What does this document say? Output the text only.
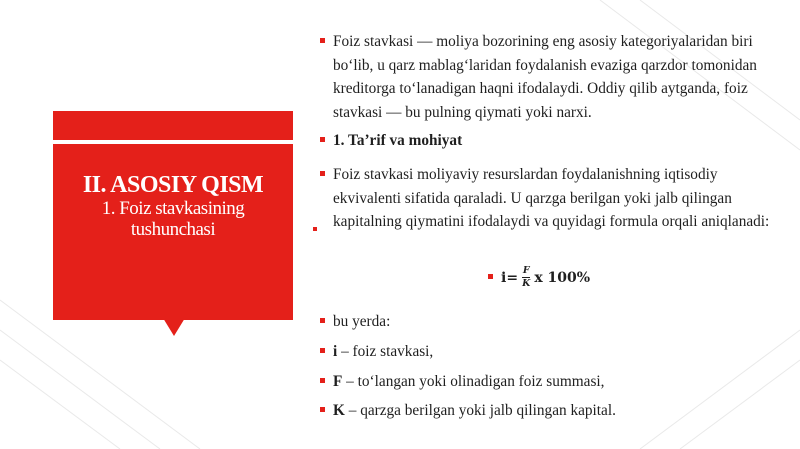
II. ASOSIY QISM
1. Foiz stavkasining tushunchasi
Foiz stavkasi — moliya bozorining eng asosiy kategoriyalaridan biri bo‘lib, u qarz mablag‘laridan foydalanish evaziga qarzdor tomonidan kreditorga to‘lanadigan haqni ifodalaydi. Oddiy qilib aytganda, foiz stavkasi — bu pulning qiymati yoki narxi.
1. Ta’rif va mohiyat
Foiz stavkasi moliyaviy resurslardan foydalanishning iqtisodiy ekvivalenti sifatida qaraladi. U qarzga berilgan yoki jalb qilingan kapitalning qiymatini ifodalaydi va quyidagi formula orqali aniqlanadi:
$i= \frac{F}{K}$ x 100%
bu yerda:
i – foiz stavkasi,
F – to‘langan yoki olinadigan foiz summasi,
K – qarzga berilgan yoki jalb qilingan kapital.
